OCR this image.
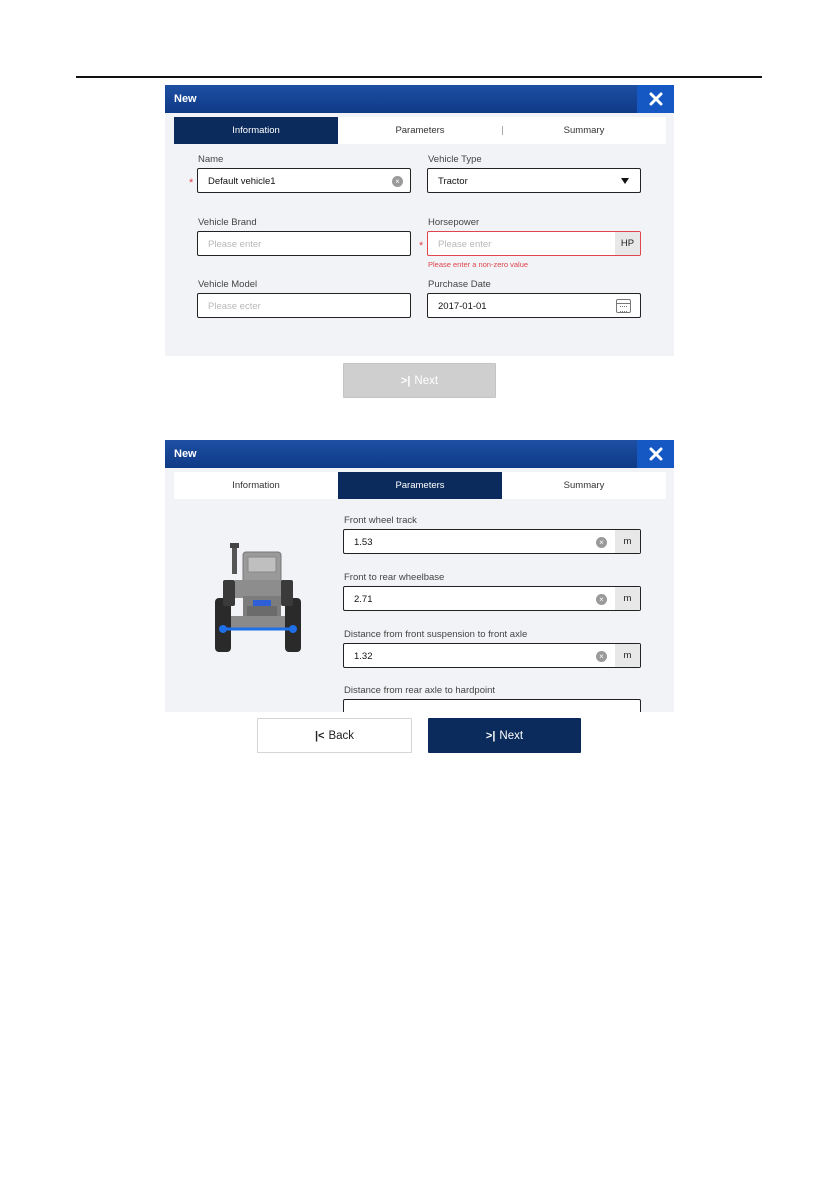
New
Information	Parameters	Summary
Name
* Default vehicle1	×
Vehicle Type
Tractor
Vehicle Brand
Please enter
Horsepower
* Please enter	HP
Please enter a non-zero value
Vehicle Model
Please ecter
Purchase Date
2017-01-01
>| Next
New
Information	Parameters	Summary
Front wheel track
1.53	×	m
Front to rear wheelbase
2.71	×	m
Distance from front suspension to front axle
1.32	×	m
Distance from rear axle to hardpoint
|< Back	>| Next
